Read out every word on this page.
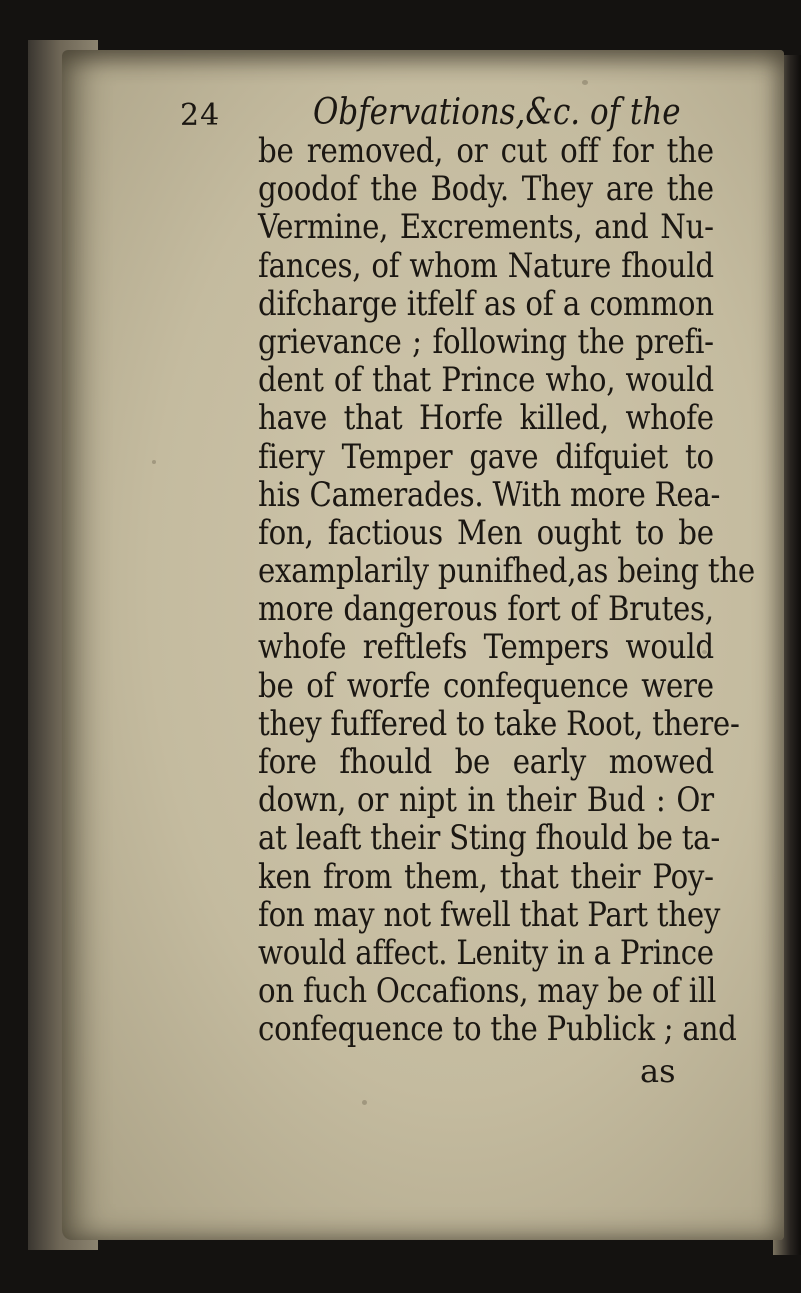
24	Obfervations,&c. of the
be removed, or cut off for the
goodof the Body. They are the
Vermine, Excrements, and Nu-
fances, of whom Nature fhould
difcharge itfelf as of a common
grievance ; following the prefi-
dent of that Prince who, would
have that Horfe killed, whofe
fiery Temper gave difquiet to
his Camerades. With more Rea-
fon, factious Men ought to be
examplarily punifhed,as being the
more dangerous fort of Brutes,
whofe reftlefs Tempers would
be of worfe confequence were
they fuffered to take Root, there-
fore fhould be early mowed
down, or nipt in their Bud : Or
at leaft their Sting fhould be ta-
ken from them, that their Poy-
fon may not fwell that Part they
would affect. Lenity in a Prince
on fuch Occafions, may be of ill
confequence to the Publick ; and
as
